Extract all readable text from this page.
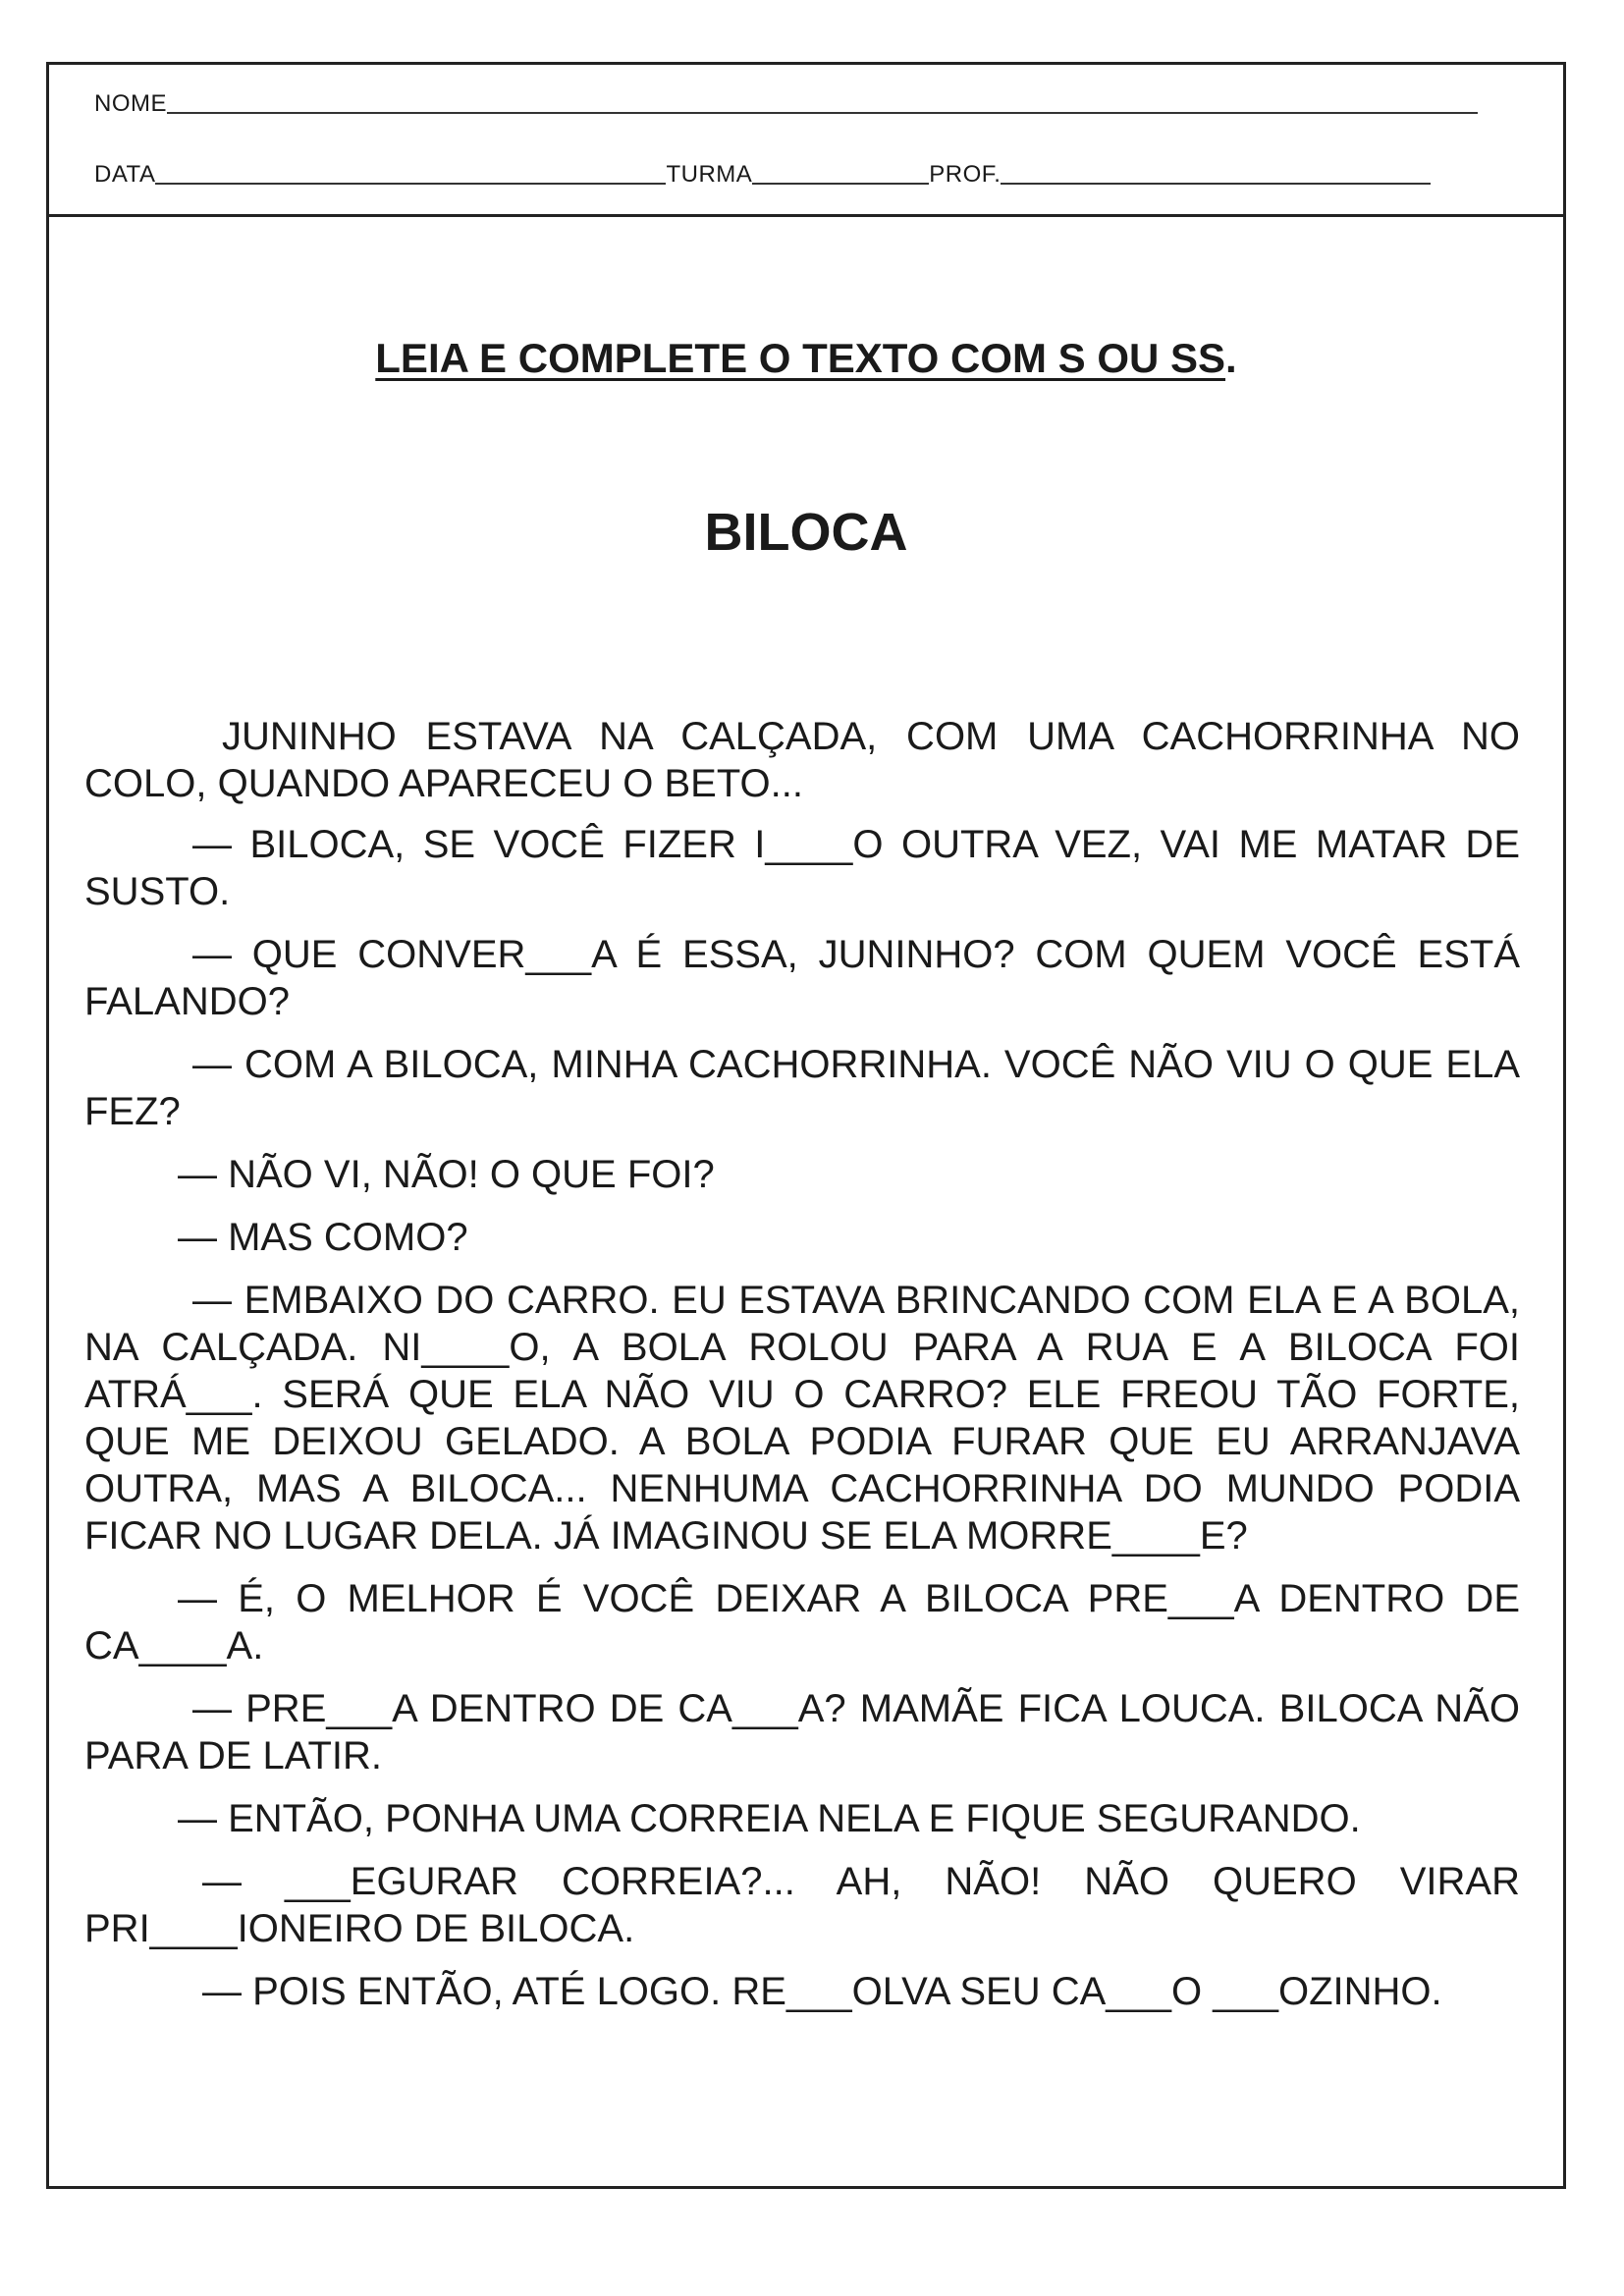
NOME
DATA	TURMA	PROF.
LEIA E COMPLETE O TEXTO COM S OU SS.
BILOCA

JUNINHO ESTAVA NA CALÇADA, COM UMA CACHORRINHA NO COLO, QUANDO APARECEU O BETO...

— BILOCA, SE VOCÊ FIZER I____O OUTRA VEZ, VAI ME MATAR DE SUSTO.

— QUE CONVER___A É ESSA, JUNINHO? COM QUEM VOCÊ ESTÁ FALANDO?

— COM A BILOCA, MINHA CACHORRINHA. VOCÊ NÃO VIU O QUE ELA FEZ?

— NÃO VI, NÃO! O QUE FOI?

— MAS COMO?

— EMBAIXO DO CARRO. EU ESTAVA BRINCANDO COM ELA E A BOLA, NA CALÇADA. NI____O, A BOLA ROLOU PARA A RUA E A BILOCA FOI ATRÁ___. SERÁ QUE ELA NÃO VIU O CARRO? ELE FREOU TÃO FORTE, QUE ME DEIXOU GELADO. A BOLA PODIA FURAR QUE EU ARRANJAVA OUTRA, MAS A BILOCA... NENHUMA CACHORRINHA DO MUNDO PODIA FICAR NO LUGAR DELA. JÁ IMAGINOU SE ELA MORRE____E?

— É, O MELHOR É VOCÊ DEIXAR A BILOCA PRE___A DENTRO DE CA____A.

— PRE___A DENTRO DE CA___A? MAMÃE FICA LOUCA. BILOCA NÃO PARA DE LATIR.

— ENTÃO, PONHA UMA CORREIA NELA E FIQUE SEGURANDO.

— ___EGURAR CORREIA?... AH, NÃO! NÃO QUERO VIRAR PRI____IONEIRO DE BILOCA.

— POIS ENTÃO, ATÉ LOGO. RE___OLVA SEU CA___O ___OZINHO.
